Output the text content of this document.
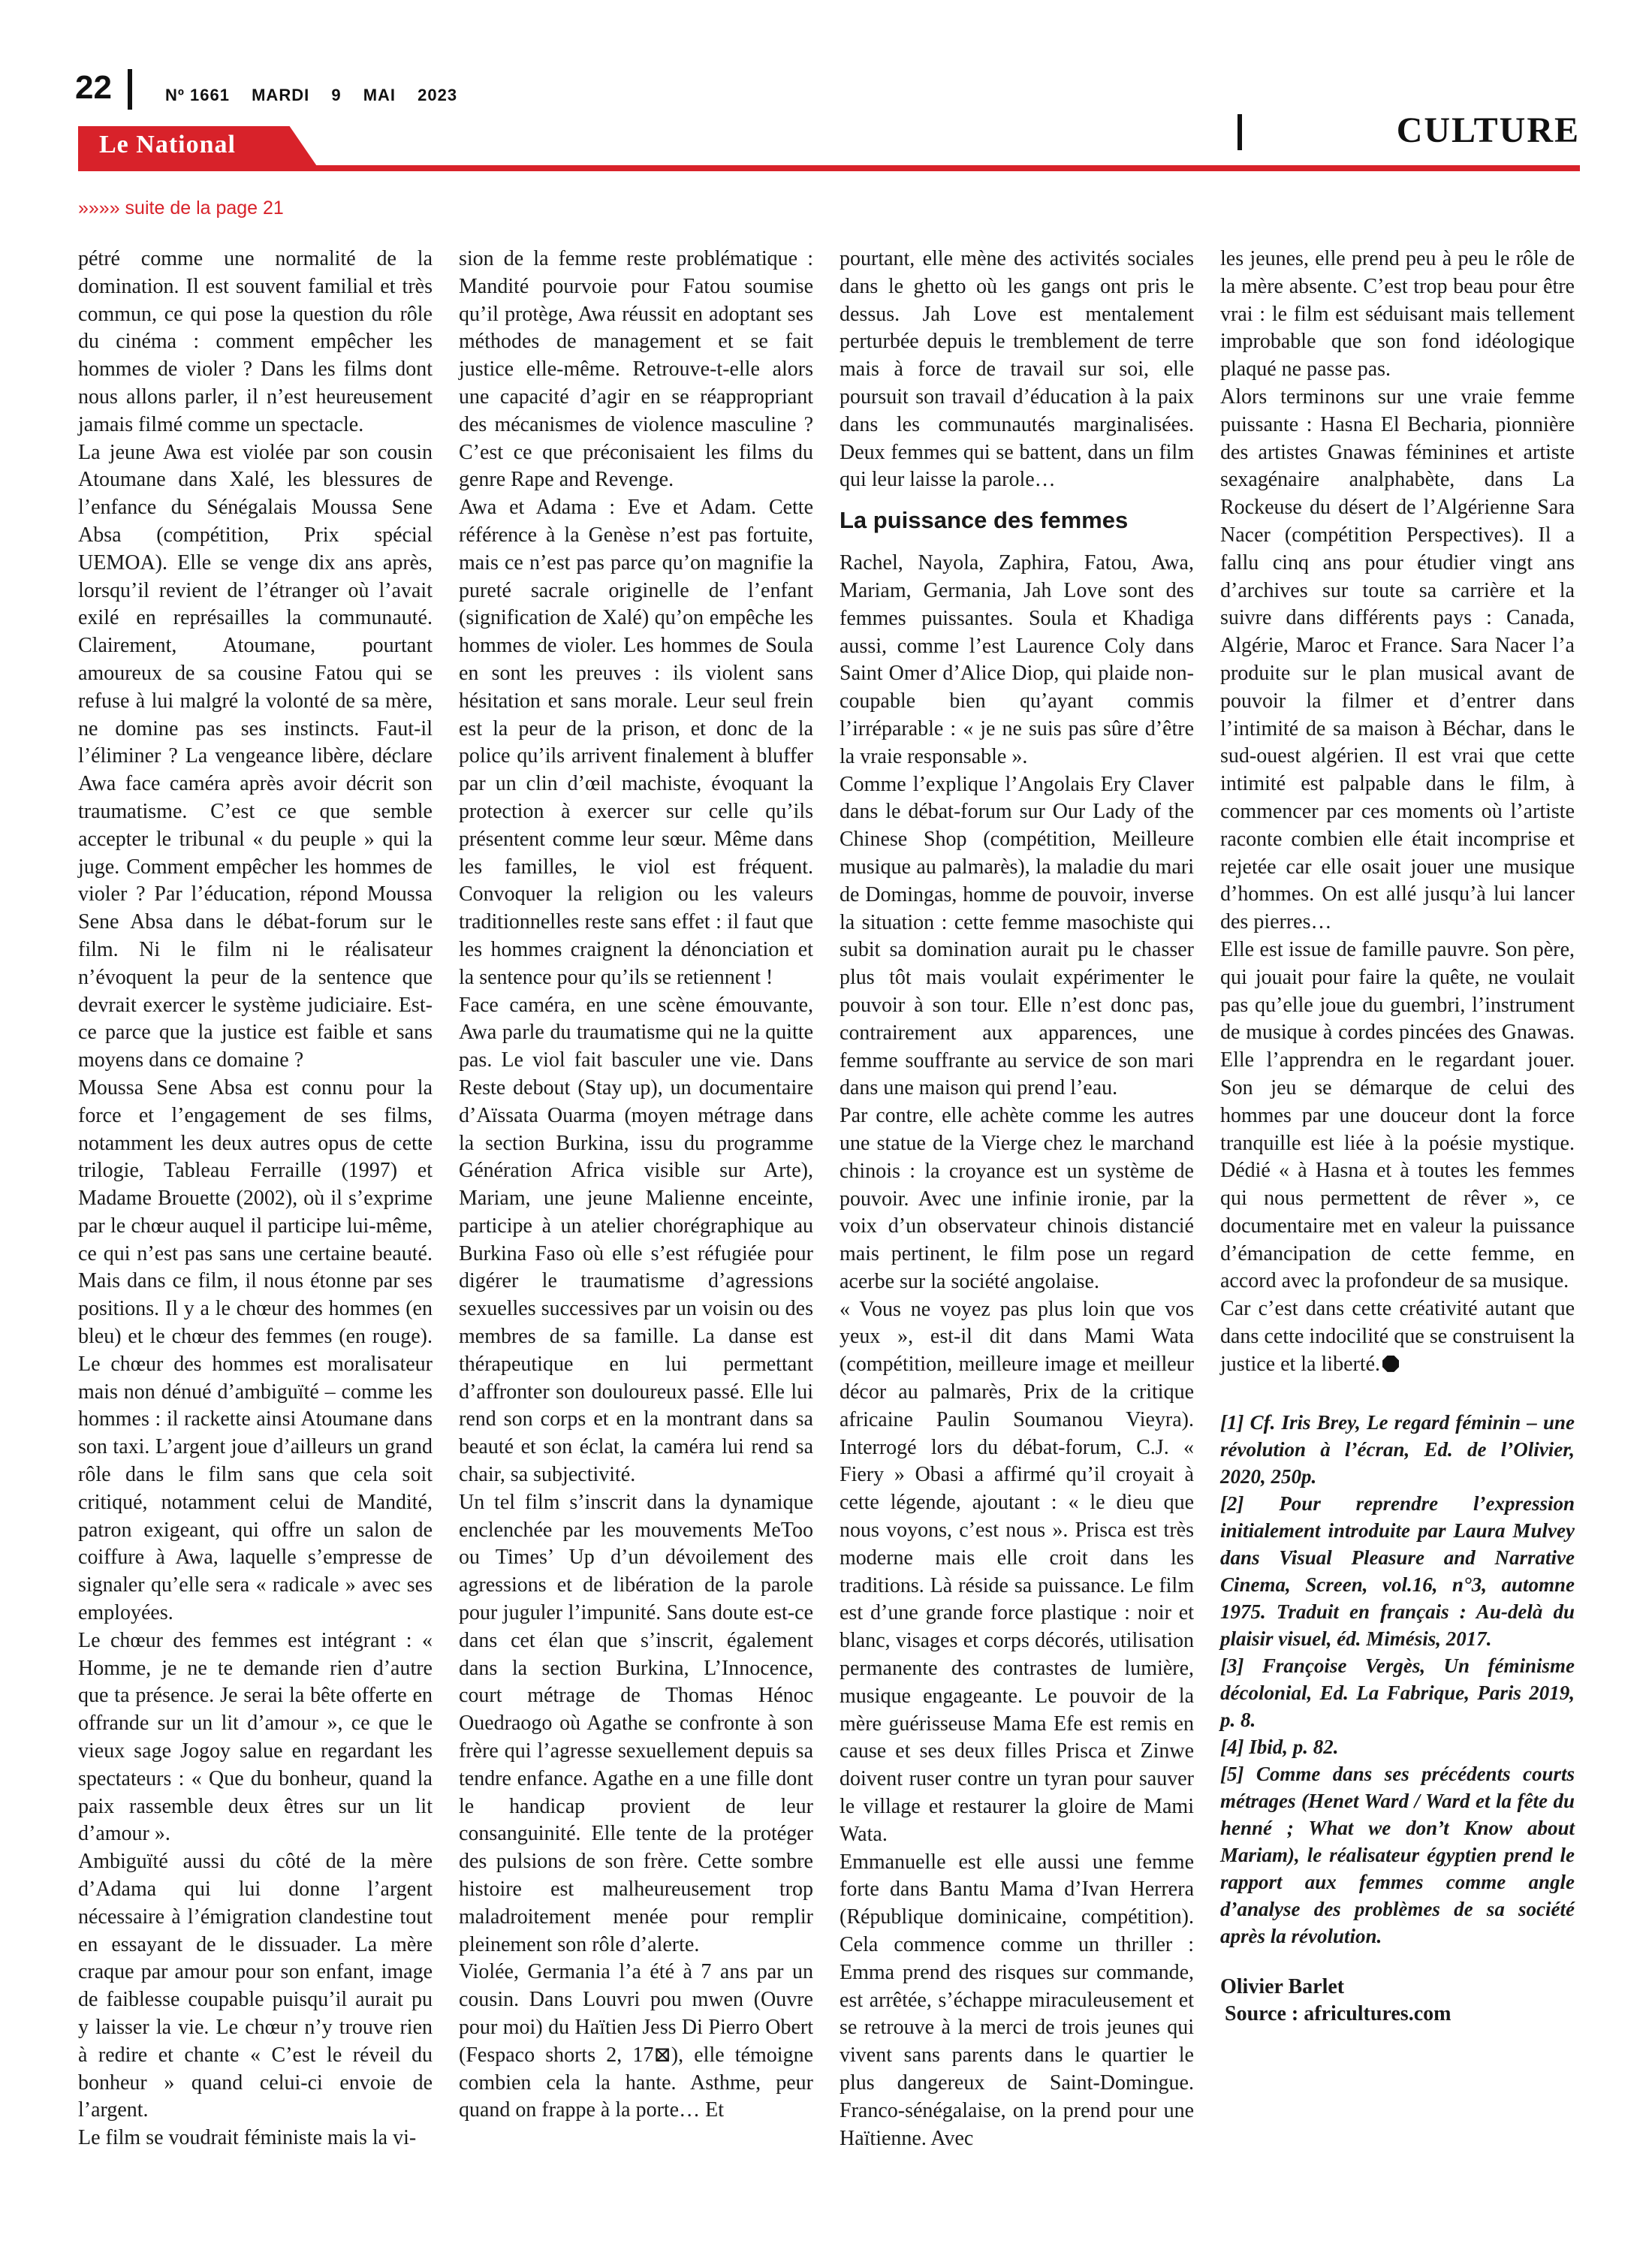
22	Nº 1661 MARDI 9 MAI 2023
Le National	CULTURE
»»»» suite de la page 21

pétré comme une normalité de la domination. Il est souvent familial et très commun, ce qui pose la question du rôle du cinéma : comment empêcher les hommes de violer ? Dans les films dont nous allons parler, il n’est heureusement jamais filmé comme un spectacle.

La jeune Awa est violée par son cousin Atoumane dans Xalé, les blessures de l’enfance du Sénégalais Moussa Sene Absa (compétition, Prix spécial UEMOA). Elle se venge dix ans après, lorsqu’il revient de l’étranger où l’avait exilé en représailles la communauté. Clairement, Atoumane, pourtant amoureux de sa cousine Fatou qui se refuse à lui malgré la volonté de sa mère, ne domine pas ses instincts. Faut-il l’éliminer ? La vengeance libère, déclare Awa face caméra après avoir décrit son traumatisme. C’est ce que semble accepter le tribunal « du peuple » qui la juge. Comment empêcher les hommes de violer ? Par l’éducation, répond Moussa Sene Absa dans le débat-forum sur le film. Ni le film ni le réalisateur n’évoquent la peur de la sentence que devrait exercer le système judiciaire. Est-ce parce que la justice est faible et sans moyens dans ce domaine ?

Moussa Sene Absa est connu pour la force et l’engagement de ses films, notamment les deux autres opus de cette trilogie, Tableau Ferraille (1997) et Madame Brouette (2002), où il s’exprime par le chœur auquel il participe lui-même, ce qui n’est pas sans une certaine beauté. Mais dans ce film, il nous étonne par ses positions. Il y a le chœur des hommes (en bleu) et le chœur des femmes (en rouge). Le chœur des hommes est moralisateur mais non dénué d’ambiguïté – comme les hommes : il rackette ainsi Atoumane dans son taxi. L’argent joue d’ailleurs un grand rôle dans le film sans que cela soit critiqué, notamment celui de Mandité, patron exigeant, qui offre un salon de coiffure à Awa, laquelle s’empresse de signaler qu’elle sera « radicale » avec ses employées.

Le chœur des femmes est intégrant : « Homme, je ne te demande rien d’autre que ta présence. Je serai la bête offerte en offrande sur un lit d’amour », ce que le vieux sage Jogoy salue en regardant les spectateurs : « Que du bonheur, quand la paix rassemble deux êtres sur un lit d’amour ».

Ambiguïté aussi du côté de la mère d’Adama qui lui donne l’argent nécessaire à l’émigration clandestine tout en essayant de le dissuader. La mère craque par amour pour son enfant, image de faiblesse coupable puisqu’il aurait pu y laisser la vie. Le chœur n’y trouve rien à redire et chante « C’est le réveil du bonheur » quand celui-ci envoie de l’argent.

Le film se voudrait féministe mais la vi-

sion de la femme reste problématique : Mandité pourvoie pour Fatou soumise qu’il protège, Awa réussit en adoptant ses méthodes de management et se fait justice elle-même. Retrouve-t-elle alors une capacité d’agir en se réappropriant des mécanismes de violence masculine ? C’est ce que préconisaient les films du genre Rape and Revenge.

Awa et Adama : Eve et Adam. Cette référence à la Genèse n’est pas fortuite, mais ce n’est pas parce qu’on magnifie la pureté sacrale originelle de l’enfant (signification de Xalé) qu’on empêche les hommes de violer. Les hommes de Soula en sont les preuves : ils violent sans hésitation et sans morale. Leur seul frein est la peur de la prison, et donc de la police qu’ils arrivent finalement à bluffer par un clin d’œil machiste, évoquant la protection à exercer sur celle qu’ils présentent comme leur sœur. Même dans les familles, le viol est fréquent. Convoquer la religion ou les valeurs traditionnelles reste sans effet : il faut que les hommes craignent la dénonciation et la sentence pour qu’ils se retiennent !

Face caméra, en une scène émouvante, Awa parle du traumatisme qui ne la quitte pas. Le viol fait basculer une vie. Dans Reste debout (Stay up), un documentaire d’Aïssata Ouarma (moyen métrage dans la section Burkina, issu du programme Génération Africa visible sur Arte), Mariam, une jeune Malienne enceinte, participe à un atelier chorégraphique au Burkina Faso où elle s’est réfugiée pour digérer le traumatisme d’agressions sexuelles successives par un voisin ou des membres de sa famille. La danse est thérapeutique en lui permettant d’affronter son douloureux passé. Elle lui rend son corps et en la montrant dans sa beauté et son éclat, la caméra lui rend sa chair, sa subjectivité.

Un tel film s’inscrit dans la dynamique enclenchée par les mouvements MeToo ou Times’ Up d’un dévoilement des agressions et de libération de la parole pour juguler l’impunité. Sans doute est-ce dans cet élan que s’inscrit, également dans la section Burkina, L’Innocence, court métrage de Thomas Hénoc Ouedraogo où Agathe se confronte à son frère qui l’agresse sexuellement depuis sa tendre enfance. Agathe en a une fille dont le handicap provient de leur consanguinité. Elle tente de la protéger des pulsions de son frère. Cette sombre histoire est malheureusement trop maladroitement menée pour remplir pleinement son rôle d’alerte.

Violée, Germania l’a été à 7 ans par un cousin. Dans Louvri pou mwen (Ouvre pour moi) du Haïtien Jess Di Pierro Obert (Fespaco shorts 2, 17⊠), elle témoigne combien cela la hante. Asthme, peur quand on frappe à la porte… Et

pourtant, elle mène des activités sociales dans le ghetto où les gangs ont pris le dessus. Jah Love est mentalement perturbée depuis le tremblement de terre mais à force de travail sur soi, elle poursuit son travail d’éducation à la paix dans les communautés marginalisées. Deux femmes qui se battent, dans un film qui leur laisse la parole…

La puissance des femmes

Rachel, Nayola, Zaphira, Fatou, Awa, Mariam, Germania, Jah Love sont des femmes puissantes. Soula et Khadiga aussi, comme l’est Laurence Coly dans Saint Omer d’Alice Diop, qui plaide non-coupable bien qu’ayant commis l’irréparable : « je ne suis pas sûre d’être la vraie responsable ».

Comme l’explique l’Angolais Ery Claver dans le débat-forum sur Our Lady of the Chinese Shop (compétition, Meilleure musique au palmarès), la maladie du mari de Domingas, homme de pouvoir, inverse la situation : cette femme masochiste qui subit sa domination aurait pu le chasser plus tôt mais voulait expérimenter le pouvoir à son tour. Elle n’est donc pas, contrairement aux apparences, une femme souffrante au service de son mari dans une maison qui prend l’eau.

Par contre, elle achète comme les autres une statue de la Vierge chez le marchand chinois : la croyance est un système de pouvoir. Avec une infinie ironie, par la voix d’un observateur chinois distancié mais pertinent, le film pose un regard acerbe sur la société angolaise.

« Vous ne voyez pas plus loin que vos yeux », est-il dit dans Mami Wata (compétition, meilleure image et meilleur décor au palmarès, Prix de la critique africaine Paulin Soumanou Vieyra). Interrogé lors du débat-forum, C.J. « Fiery » Obasi a affirmé qu’il croyait à cette légende, ajoutant : « le dieu que nous voyons, c’est nous ». Prisca est très moderne mais elle croit dans les traditions. Là réside sa puissance. Le film est d’une grande force plastique : noir et blanc, visages et corps décorés, utilisation permanente des contrastes de lumière, musique engageante. Le pouvoir de la mère guérisseuse Mama Efe est remis en cause et ses deux filles Prisca et Zinwe doivent ruser contre un tyran pour sauver le village et restaurer la gloire de Mami Wata.

Emmanuelle est elle aussi une femme forte dans Bantu Mama d’Ivan Herrera (République dominicaine, compétition). Cela commence comme un thriller : Emma prend des risques sur commande, est arrêtée, s’échappe miraculeusement et se retrouve à la merci de trois jeunes qui vivent sans parents dans le quartier le plus dangereux de Saint-Domingue. Franco-sénégalaise, on la prend pour une Haïtienne. Avec

les jeunes, elle prend peu à peu le rôle de la mère absente. C’est trop beau pour être vrai : le film est séduisant mais tellement improbable que son fond idéologique plaqué ne passe pas.

Alors terminons sur une vraie femme puissante : Hasna El Becharia, pionnière des artistes Gnawas féminines et artiste sexagénaire analphabète, dans La Rockeuse du désert de l’Algérienne Sara Nacer (compétition Perspectives). Il a fallu cinq ans pour étudier vingt ans d’archives sur toute sa carrière et la suivre dans différents pays : Canada, Algérie, Maroc et France. Sara Nacer l’a produite sur le plan musical avant de pouvoir la filmer et d’entrer dans l’intimité de sa maison à Béchar, dans le sud-ouest algérien. Il est vrai que cette intimité est palpable dans le film, à commencer par ces moments où l’artiste raconte combien elle était incomprise et rejetée car elle osait jouer une musique d’hommes. On est allé jusqu’à lui lancer des pierres…

Elle est issue de famille pauvre. Son père, qui jouait pour faire la quête, ne voulait pas qu’elle joue du guembri, l’instrument de musique à cordes pincées des Gnawas. Elle l’apprendra en le regardant jouer. Son jeu se démarque de celui des hommes par une douceur dont la force tranquille est liée à la poésie mystique. Dédié « à Hasna et à toutes les femmes qui nous permettent de rêver », ce documentaire met en valeur la puissance d’émancipation de cette femme, en accord avec la profondeur de sa musique.

Car c’est dans cette créativité autant que dans cette indocilité que se construisent la justice et la liberté.

[1] Cf. Iris Brey, Le regard féminin – une révolution à l’écran, Ed. de l’Olivier, 2020, 250p.

[2] Pour reprendre l’expression initialement introduite par Laura Mulvey dans Visual Pleasure and Narrative Cinema, Screen, vol.16, n°3, automne 1975. Traduit en français : Au-delà du plaisir visuel, éd. Mimésis, 2017.

[3] Françoise Vergès, Un féminisme décolonial, Ed. La Fabrique, Paris 2019, p. 8.

[4] Ibid, p. 82.

[5] Comme dans ses précédents courts métrages (Henet Ward / Ward et la fête du henné ; What we don’t Know about Mariam), le réalisateur égyptien prend le rapport aux femmes comme angle d’analyse des problèmes de sa société après la révolution.

Olivier Barlet
Source : africultures.com
